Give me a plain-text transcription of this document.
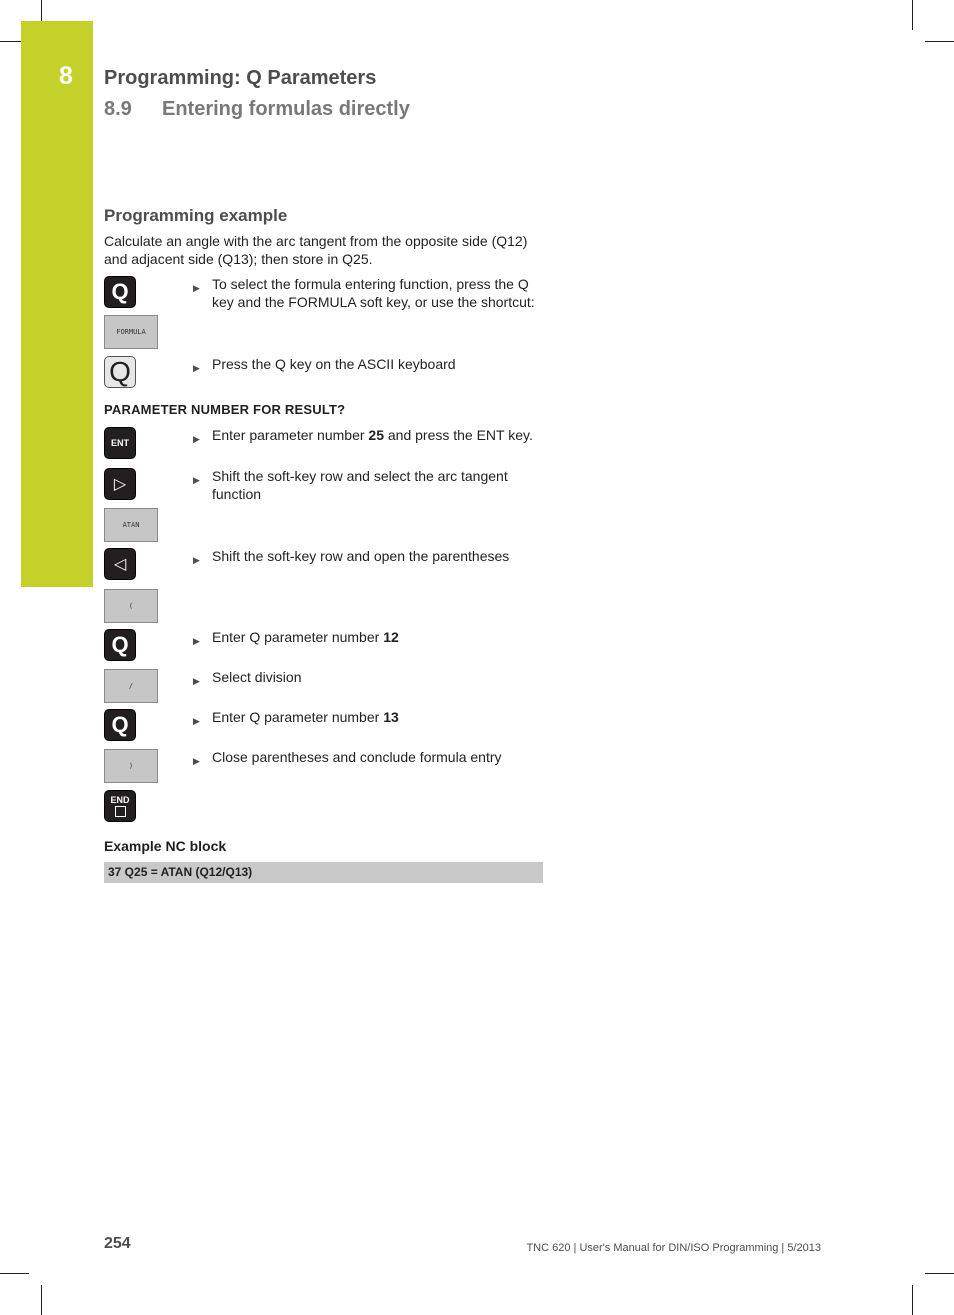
8	Programming: Q Parameters
8.9 Entering formulas directly
Programming example
Calculate an angle with the arc tangent from the opposite side (Q12) and adjacent side (Q13); then store in Q25.
Q
FORMULA
Q
ENT
▷
ATAN
◁
(
Q
/
Q
)
END
▶ To select the formula entering function, press the Q key and the FORMULA soft key, or use the shortcut:
▶ Press the Q key on the ASCII keyboard
PARAMETER NUMBER FOR RESULT?
▶ Enter parameter number 25 and press the ENT key.
▶ Shift the soft-key row and select the arc tangent function
▶ Shift the soft-key row and open the parentheses
▶ Enter Q parameter number 12
▶ Select division
▶ Enter Q parameter number 13
▶ Close parentheses and conclude formula entry
Example NC block
37 Q25 = ATAN (Q12/Q13)
254	TNC 620 | User's Manual for DIN/ISO Programming | 5/2013
